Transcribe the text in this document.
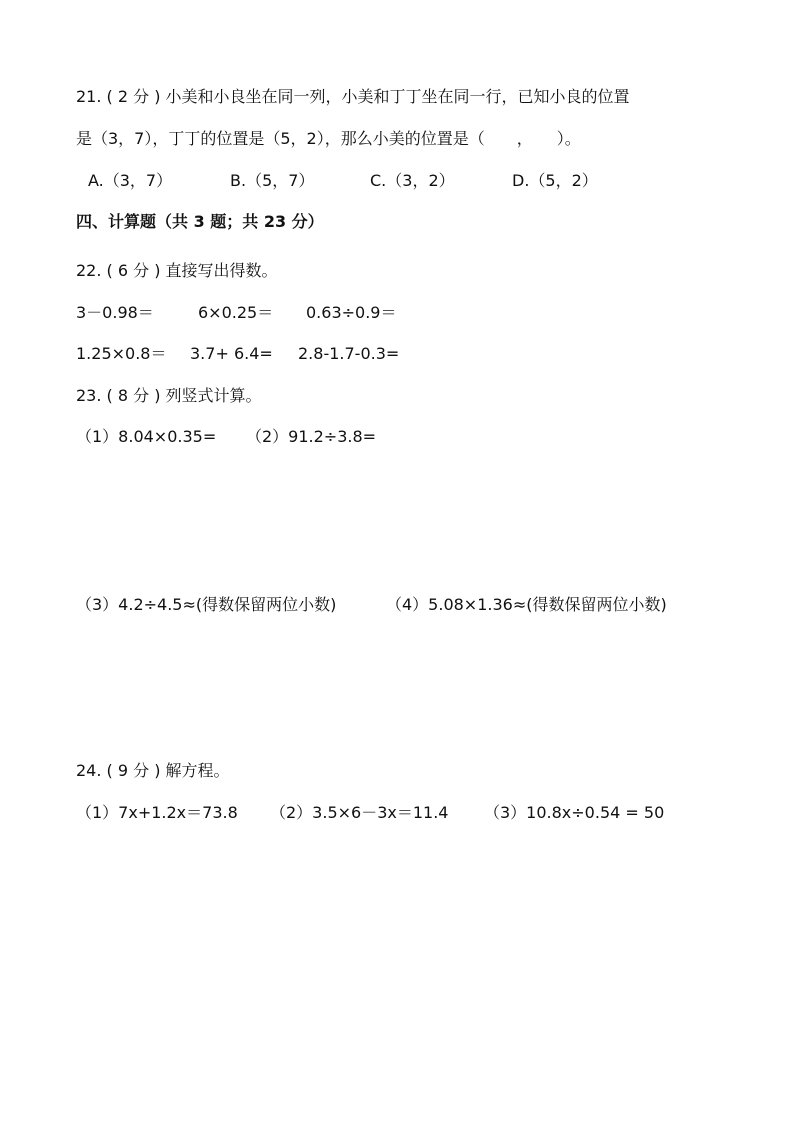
21. ( 2 分 ) 小美和小良坐在同一列，小美和丁丁坐在同一行，已知小良的位置
是（3，7），丁丁的位置是（5，2），那么小美的位置是（　　，　　）。
A.（3，7）	B.（5，7）	C.（3，2）	D.（5，2）
四、计算题（共 3 题；共 23 分）
22. ( 6 分 ) 直接写出得数。
3－0.98＝	6×0.25＝ 0.63÷0.9＝
1.25×0.8＝ 3.7+ 6.4= 2.8-1.7-0.3=
23. ( 8 分 ) 列竖式计算。
（1）8.04×0.35= （2）91.2÷3.8=
（3）4.2÷4.5≈(得数保留两位小数)	（4）5.08×1.36≈(得数保留两位小数)
24. ( 9 分 ) 解方程。
（1）7x+1.2x＝73.8 （2）3.5×6－3x＝11.4 （3）10.8x÷0.54 = 50
